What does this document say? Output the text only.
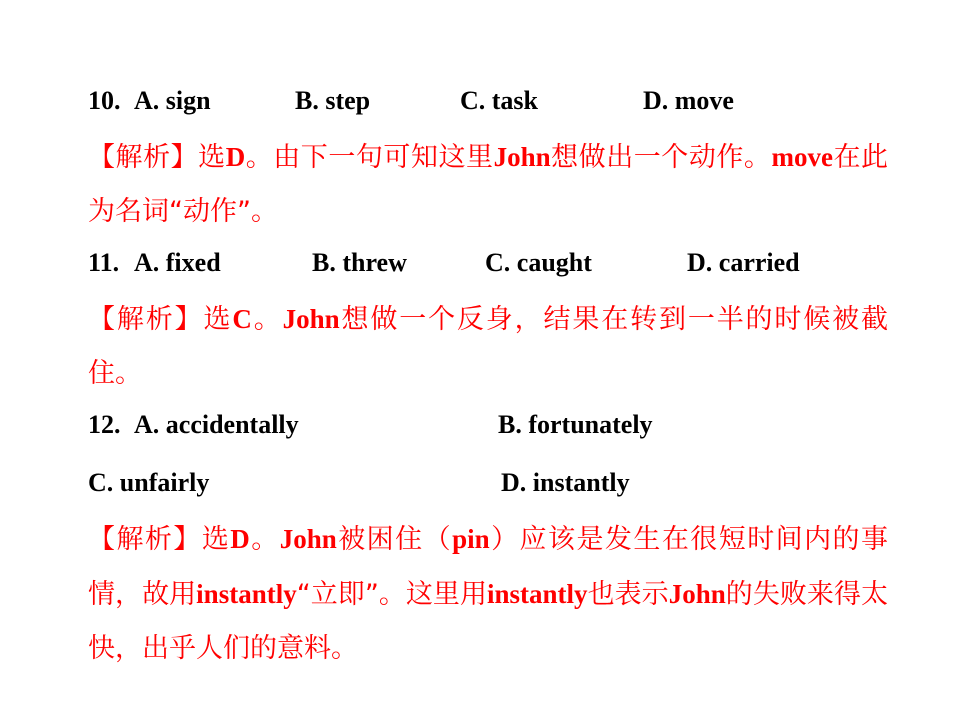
10. A. sign	B. step	C. task	D. move
【解析】选D。由下一句可知这里John想做出一个动作。move在此为名词“动作”。
11. A. fixed	B. threw	C. caught	D. carried
【解析】选C。John想做一个反身，结果在转到一半的时候被截住。
12. A. accidentally	B. fortunately
C. unfairly	D. instantly
【解析】选D。John被困住（pin）应该是发生在很短时间内的事情，故用instantly“立即”。这里用instantly也表示John的失败来得太快，出乎人们的意料。
